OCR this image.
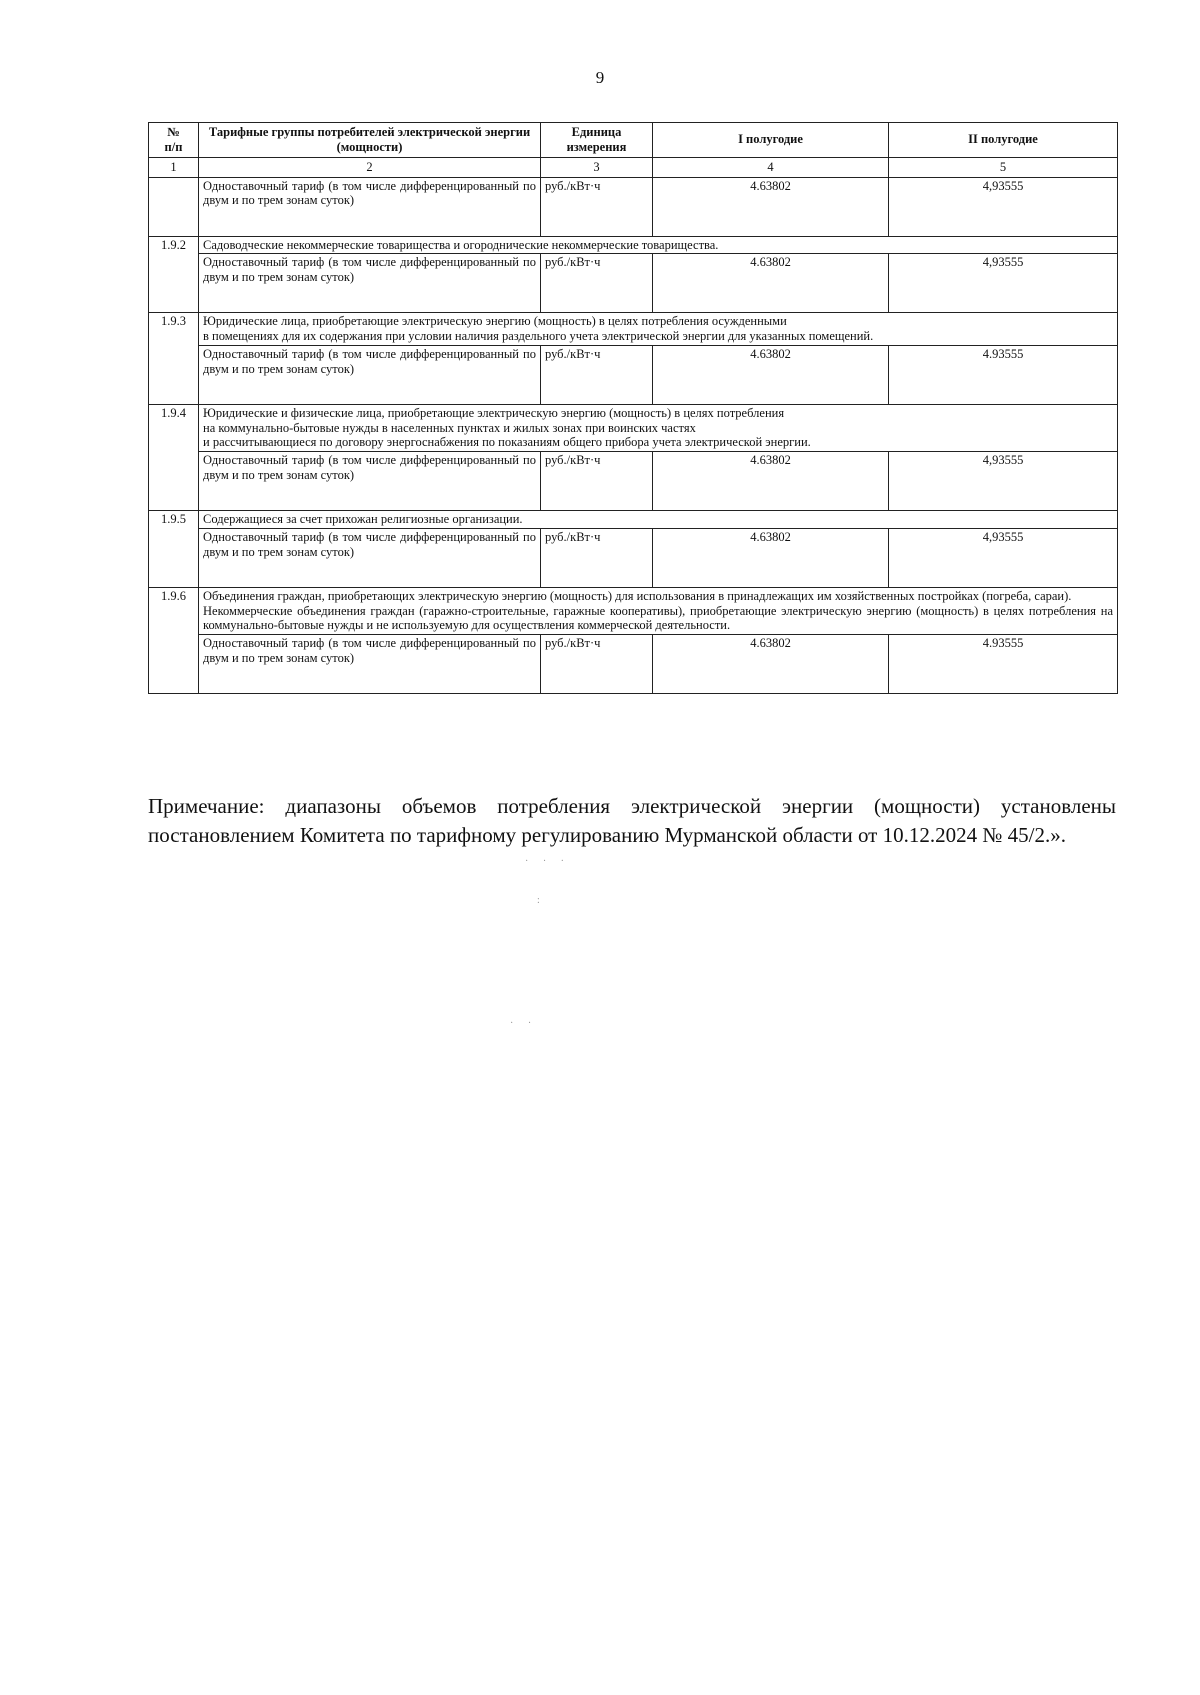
9
№
п/п	Тарифные группы потребителей электрической энергии (мощности)	Единица измерения	I полугодие	II полугодие
1	2	3	4	5
	Одноставочный тариф (в том числе дифференцированный по двум и по трем зонам суток)	руб./кВт·ч	4.63802	4,93555
1.9.2	Садоводческие некоммерческие товарищества и огороднические некоммерческие товарищества.			
	Одноставочный тариф (в том числе дифференцированный по двум и по трем зонам суток)	руб./кВт·ч	4.63802	4,93555
1.9.3	Юридические лица, приобретающие электрическую энергию (мощность) в целях потребления осужденными
в помещениях для их содержания при условии наличия раздельного учета электрической энергии для указанных помещений.			
	Одноставочный тариф (в том числе дифференцированный по двум и по трем зонам суток)	руб./кВт·ч	4.63802	4.93555
1.9.4	Юридические и физические лица, приобретающие электрическую энергию (мощность) в целях потребления
на коммунально-бытовые нужды в населенных пунктах и жилых зонах при воинских частях
и рассчитывающиеся по договору энергоснабжения по показаниям общего прибора учета электрической энергии.			
	Одноставочный тариф (в том числе дифференцированный по двум и по трем зонам суток)	руб./кВт·ч	4.63802	4,93555
1.9.5	Содержащиеся за счет прихожан религиозные организации.			
	Одноставочный тариф (в том числе дифференцированный по двум и по трем зонам суток)	руб./кВт·ч	4.63802	4,93555
1.9.6	Объединения граждан, приобретающих электрическую энергию (мощность) для использования в принадлежащих им хозяйственных постройках (погреба, сараи).
Некоммерческие объединения граждан (гаражно-строительные, гаражные кооперативы), приобретающие электрическую энергию (мощность) в целях потребления на коммунально-бытовые нужды и не используемую для осуществления коммерческой деятельности.			
	Одноставочный тариф (в том числе дифференцированный по двум и по трем зонам суток)	руб./кВт·ч	4.63802	4.93555
Примечание: диапазоны объемов потребления электрической энергии (мощности) установлены постановлением Комитета по тарифному регулированию Мурманской области от 10.12.2024 № 45/2.».
· · ·
:
· ·
